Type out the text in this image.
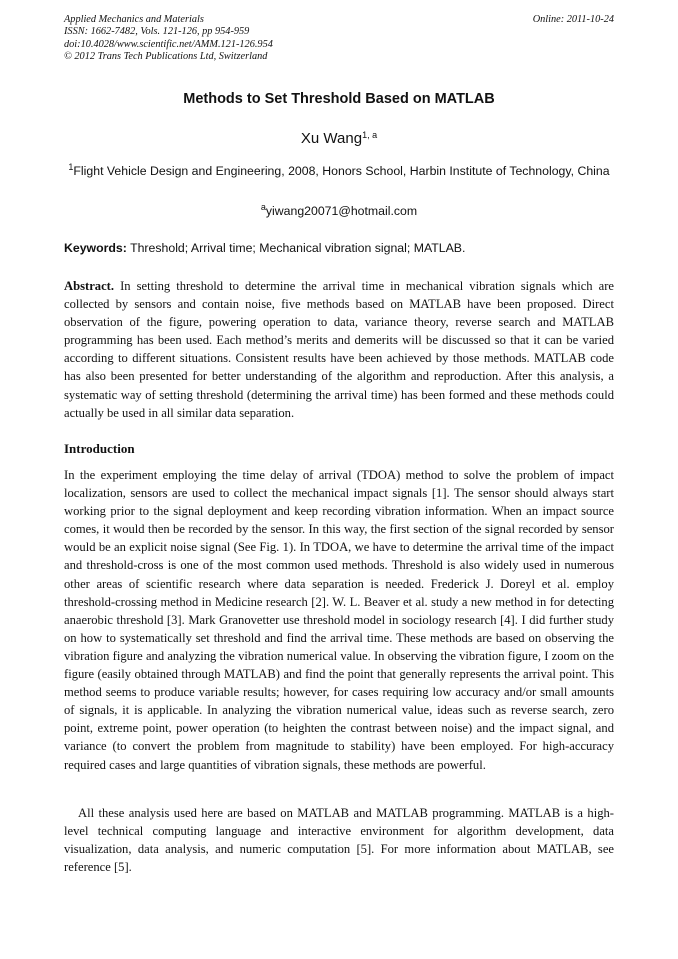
Applied Mechanics and Materials
ISSN: 1662-7482, Vols. 121-126, pp 954-959
doi:10.4028/www.scientific.net/AMM.121-126.954
© 2012 Trans Tech Publications Ltd, Switzerland
Online: 2011-10-24
Methods to Set Threshold Based on MATLAB
Xu Wang$^{1, a}$
$^1$Flight Vehicle Design and Engineering, 2008, Honors School, Harbin Institute of Technology, China
$^a$yiwang20071@hotmail.com
Keywords: Threshold; Arrival time; Mechanical vibration signal; MATLAB.
Abstract. In setting threshold to determine the arrival time in mechanical vibration signals which are collected by sensors and contain noise, five methods based on MATLAB have been proposed. Direct observation of the figure, powering operation to data, variance theory, reverse search and MATLAB programming has been used. Each method’s merits and demerits will be discussed so that it can be varied according to different situations. Consistent results have been achieved by those methods. MATLAB code has also been presented for better understanding of the algorithm and reproduction. After this analysis, a systematic way of setting threshold (determining the arrival time) has been formed and these methods could actually be used in all similar data separation.
Introduction
In the experiment employing the time delay of arrival (TDOA) method to solve the problem of impact localization, sensors are used to collect the mechanical impact signals [1]. The sensor should always start working prior to the signal deployment and keep recording vibration information. When an impact source comes, it would then be recorded by the sensor. In this way, the first section of the signal recorded by sensor would be an explicit noise signal (See Fig. 1). In TDOA, we have to determine the arrival time of the impact and threshold-cross is one of the most common used methods. Threshold is also widely used in numerous other areas of scientific research where data separation is needed. Frederick J. Doreyl et al. employ threshold-crossing method in Medicine research [2]. W. L. Beaver et al. study a new method in for detecting anaerobic threshold [3]. Mark Granovetter use threshold model in sociology research [4]. I did further study on how to systematically set threshold and find the arrival time. These methods are based on observing the vibration figure and analyzing the vibration numerical value. In observing the vibration figure, I zoom on the figure (easily obtained through MATLAB) and find the point that generally represents the arrival point. This method seems to produce variable results; however, for cases requiring low accuracy and/or small amounts of signals, it is applicable. In analyzing the vibration numerical value, ideas such as reverse search, zero point, extreme point, power operation (to heighten the contrast between noise) and the impact signal, and variance (to convert the problem from magnitude to stability) have been employed. For high-accuracy required cases and large quantities of vibration signals, these methods are powerful.
All these analysis used here are based on MATLAB and MATLAB programming. MATLAB is a high-level technical computing language and interactive environment for algorithm development, data visualization, data analysis, and numeric computation [5]. For more information about MATLAB, see reference [5].
